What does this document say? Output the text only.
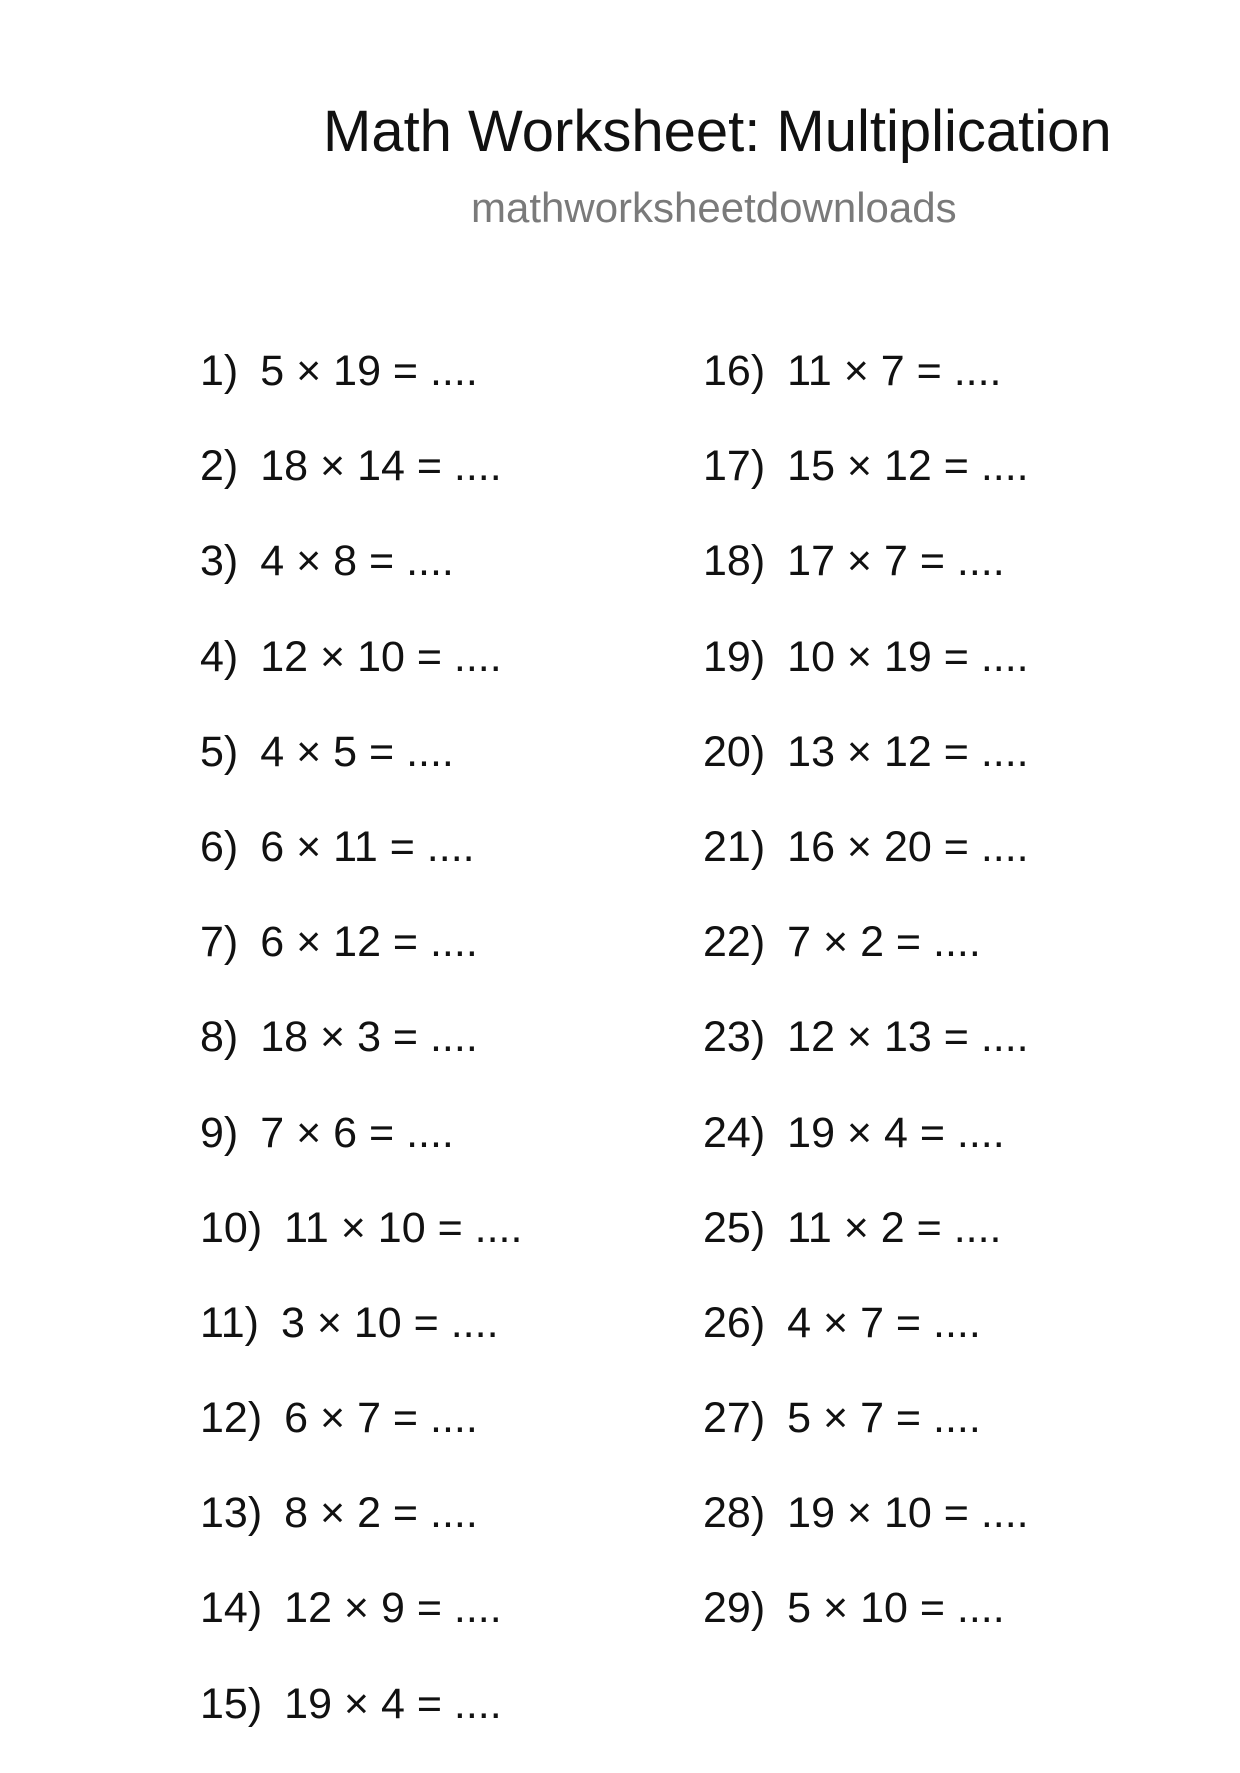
Math Worksheet: Multiplication
mathworksheetdownloads
1) 5 × 19 = ....
2) 18 × 14 = ....
3) 4 × 8 = ....
4) 12 × 10 = ....
5) 4 × 5 = ....
6) 6 × 11 = ....
7) 6 × 12 = ....
8) 18 × 3 = ....
9) 7 × 6 = ....
10) 11 × 10 = ....
11) 3 × 10 = ....
12) 6 × 7 = ....
13) 8 × 2 = ....
14) 12 × 9 = ....
15) 19 × 4 = ....
16) 11 × 7 = ....
17) 15 × 12 = ....
18) 17 × 7 = ....
19) 10 × 19 = ....
20) 13 × 12 = ....
21) 16 × 20 = ....
22) 7 × 2 = ....
23) 12 × 13 = ....
24) 19 × 4 = ....
25) 11 × 2 = ....
26) 4 × 7 = ....
27) 5 × 7 = ....
28) 19 × 10 = ....
29) 5 × 10 = ....
